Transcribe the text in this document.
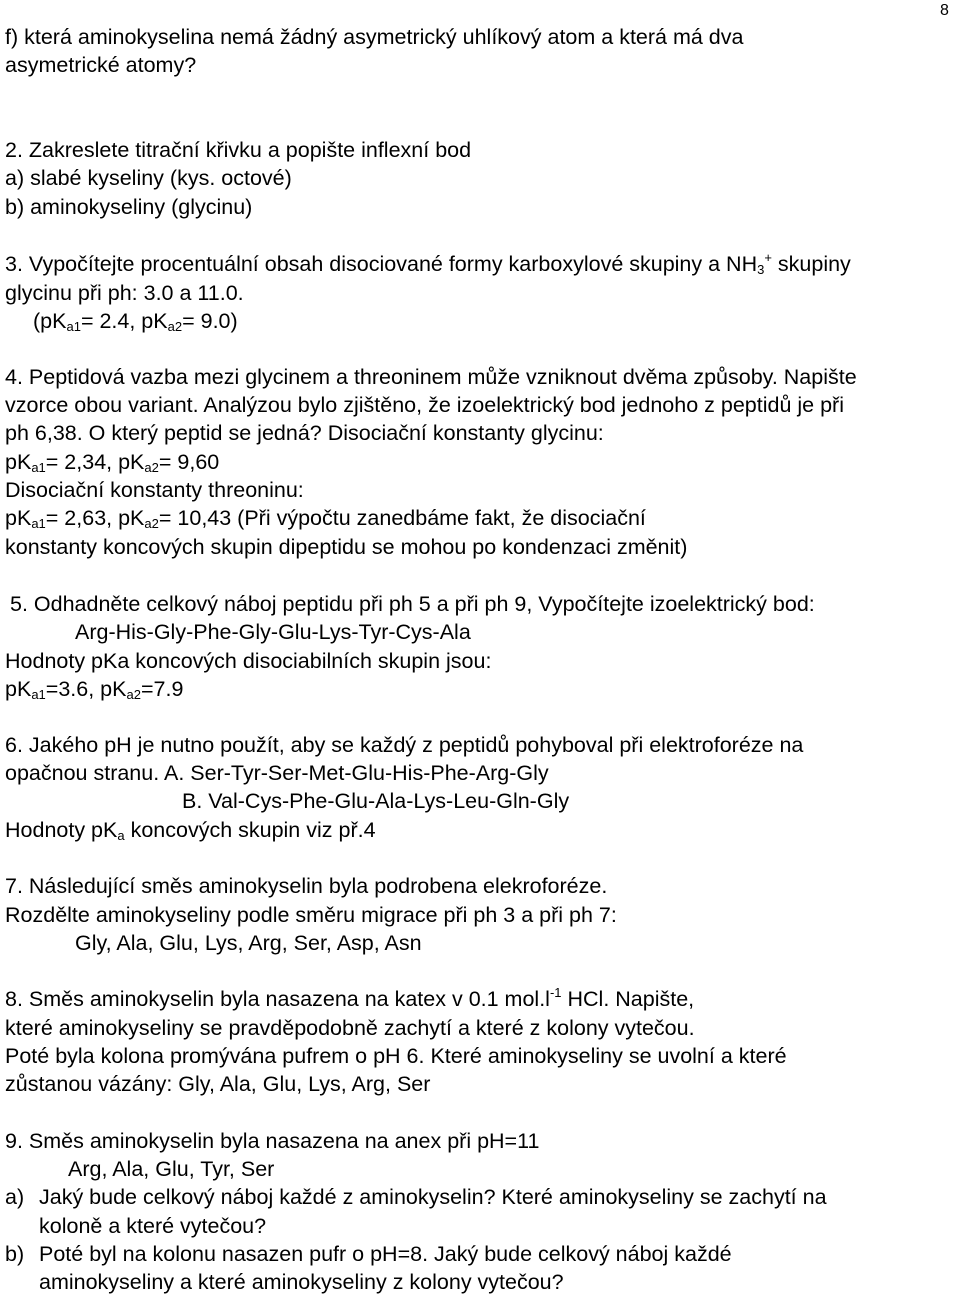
8
f) která aminokyselina nemá žádný asymetrický uhlíkový atom a která má dva
asymetrické atomy?
2. Zakreslete titrační křivku a popište inflexní bod
a) slabé kyseliny (kys. octové)
b) aminokyseliny (glycinu)
3. Vypočítejte procentuální obsah disociované formy karboxylové skupiny a $NH_3^+$ skupiny
glycinu při ph: 3.0 a 11.0.
($pK_{a1}= 2.4$, $pK_{a2}= 9.0$)
4. Peptidová vazba mezi glycinem a threoninem může vzniknout dvěma způsoby. Napište
vzorce obou variant. Analýzou bylo zjištěno, že izoelektrický bod jednoho z peptidů je při
ph 6,38. O který peptid se jedná? Disociační konstanty glycinu:
$pK_{a1}= 2,34$, $pK_{a2}= 9,60$
Disociační konstanty threoninu:
$pK_{a1}= 2,63$, $pK_{a2}= 10,43$ (Při výpočtu zanedbáme fakt, že disociační
konstanty koncových skupin dipeptidu se mohou po kondenzaci změnit)
5. Odhadněte celkový náboj peptidu při ph 5 a při ph 9, Vypočítejte izoelektrický bod:
Arg-His-Gly-Phe-Gly-Glu-Lys-Tyr-Cys-Ala
Hodnoty pKa koncových disociabilních skupin jsou:
$pK_{a1}=3.6$, $pK_{a2}=7.9$
6. Jakého pH je nutno použít, aby se každý z peptidů pohyboval při elektroforéze na
opačnou stranu. A. Ser-Tyr-Ser-Met-Glu-His-Phe-Arg-Gly
B. Val-Cys-Phe-Glu-Ala-Lys-Leu-Gln-Gly
Hodnoty $pK_a$ koncových skupin viz př.4
7. Následující směs aminokyselin byla podrobena elekroforéze.
Rozdělte aminokyseliny podle směru migrace při ph 3 a při ph 7:
Gly, Ala, Glu, Lys, Arg, Ser, Asp, Asn
8. Směs aminokyselin byla nasazena na katex v 0.1 $mol.l^{-1}$ HCl. Napište,
které aminokyseliny se pravděpodobně zachytí a které z kolony vytečou.
Poté byla kolona promývána pufrem o pH 6. Které aminokyseliny se uvolní a které
zůstanou vázány: Gly, Ala, Glu, Lys, Arg, Ser
9. Směs aminokyselin byla nasazena na anex při pH=11
Arg, Ala, Glu, Tyr, Ser
a) Jaký bude celkový náboj každé z aminokyselin? Které aminokyseliny se zachytí na
koloně a které vytečou?
b) Poté byl na kolonu nasazen pufr o pH=8. Jaký bude celkový náboj každé
aminokyseliny a které aminokyseliny z kolony vytečou?
